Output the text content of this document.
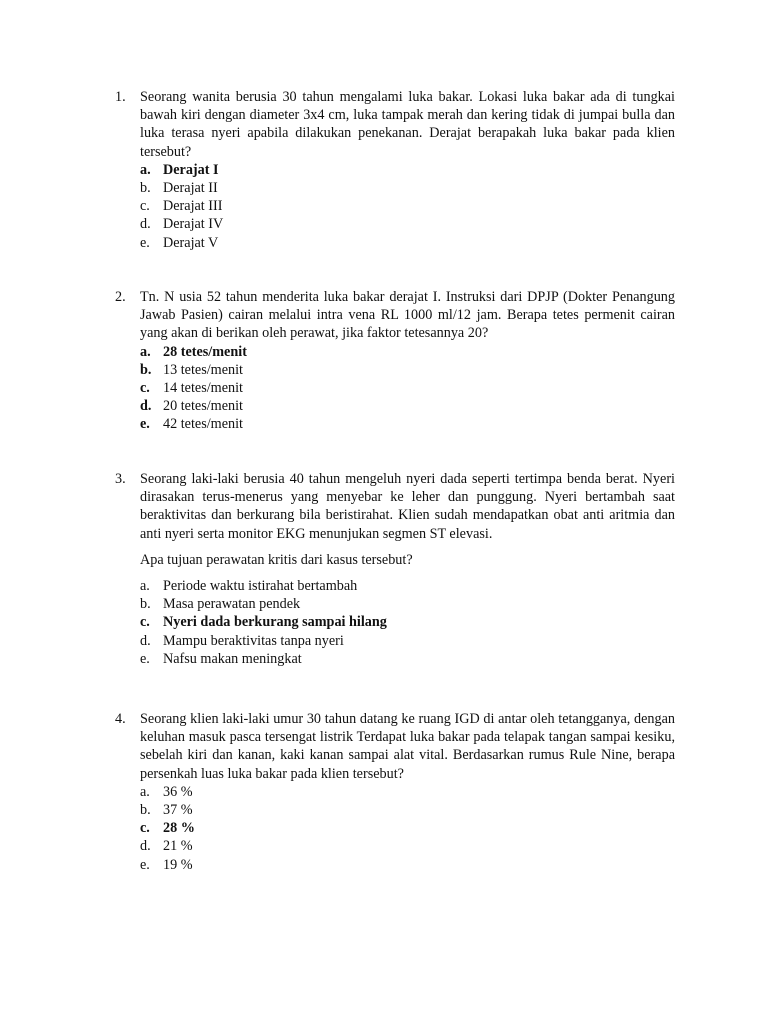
1. Seorang wanita berusia 30 tahun mengalami luka bakar. Lokasi luka bakar ada di tungkai bawah kiri dengan diameter 3x4 cm, luka tampak merah dan kering tidak di jumpai bulla dan luka terasa nyeri apabila dilakukan penekanan. Derajat berapakah luka bakar pada klien tersebut?
a. Derajat I
b. Derajat II
c. Derajat III
d. Derajat IV
e. Derajat V
2. Tn. N usia 52 tahun menderita luka bakar derajat I. Instruksi dari DPJP (Dokter Penangung Jawab Pasien) cairan melalui intra vena RL 1000 ml/12 jam. Berapa tetes permenit cairan yang akan di berikan oleh perawat, jika faktor tetesannya 20?
a. 28 tetes/menit
b. 13 tetes/menit
c. 14 tetes/menit
d. 20 tetes/menit
e. 42 tetes/menit
3. Seorang laki-laki berusia 40 tahun mengeluh nyeri dada seperti tertimpa benda berat. Nyeri dirasakan terus-menerus yang menyebar ke leher dan punggung. Nyeri bertambah saat beraktivitas dan berkurang bila beristirahat. Klien sudah mendapatkan obat anti aritmia dan anti nyeri serta monitor EKG menunjukan segmen ST elevasi.
Apa tujuan perawatan kritis dari kasus tersebut?
a. Periode waktu istirahat bertambah
b. Masa perawatan pendek
c. Nyeri dada berkurang sampai hilang
d. Mampu beraktivitas tanpa nyeri
e. Nafsu makan meningkat
4. Seorang klien laki-laki umur 30 tahun datang ke ruang IGD di antar oleh tetangganya, dengan keluhan masuk pasca tersengat listrik Terdapat luka bakar pada telapak tangan sampai kesiku, sebelah kiri dan kanan, kaki kanan sampai alat vital. Berdasarkan rumus Rule Nine, berapa persenkah luas luka bakar pada klien tersebut?
a. 36 %
b. 37 %
c. 28 %
d. 21 %
e. 19 %
